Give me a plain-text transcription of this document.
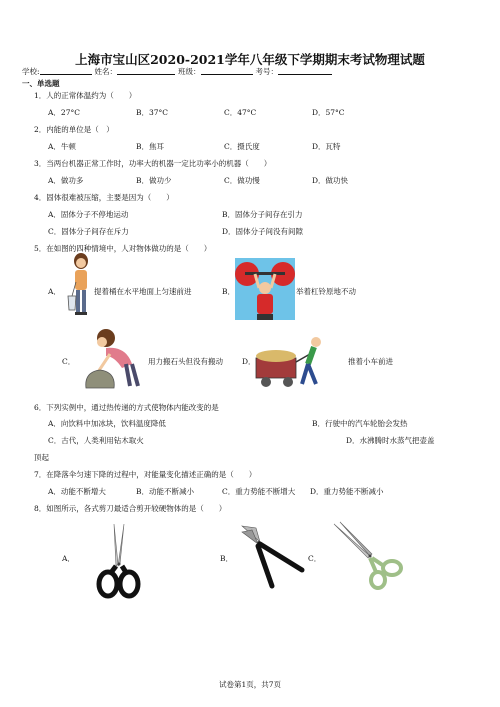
上海市宝山区2020-2021学年八年级下学期期末考试物理试题
学校:	姓名：	班级：	考号：
一、单选题
1．人的正常体温约为（　　）
A．27°C	B．37°C	C．47°C	D．57°C
2．内能的单位是（　）
A．牛顿	B．焦耳	C．摄氏度	D．瓦特
3．当两台机器正常工作时，功率大的机器一定比功率小的机器（　　）
A．做功多	B．做功少	C．做功慢	D．做功快
4．固体很难被压缩，主要是因为（　　）
A．固体分子不停地运动	B．固体分子间存在引力
C．固体分子间存在斥力	D．固体分子间没有间隙
5．在如图的四种情境中，人对物体做功的是（　　）
A．	提着桶在水平地面上匀速前进	B．	举着杠铃原地不动
C．	用力搬石头但没有搬动	D．	推着小车前进
6．下列实例中，通过热传递的方式使物体内能改变的是
A．向饮料中加冰块，饮料温度降低	B．行驶中的汽车轮胎会发热
C．古代，人类利用钻木取火	D．水沸腾时水蒸气把壶盖
顶起
7．在降落伞匀速下降的过程中，对能量变化描述正确的是（　　）
A．动能不断增大	B．动能不断减小	C．重力势能不断增大 D．重力势能不断减小
8．如图所示，各式剪刀最适合剪开较硬物体的是（　　）
A．	B．	C．
试卷第1页，共7页
